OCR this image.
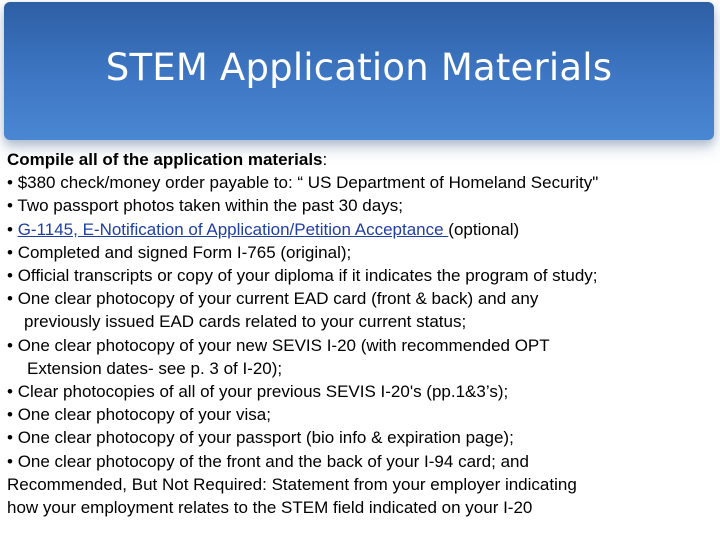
STEM Application Materials
Compile all of the application materials:
• $380 check/money order payable to: “ US Department of Homeland Security"
• Two passport photos taken within the past 30 days;
• G-1145, E-Notification of Application/Petition Acceptance (optional)
• Completed and signed Form I-765 (original);
• Official transcripts or copy of your diploma if it indicates the program of study;
• One clear photocopy of your current EAD card (front & back) and any
previously issued EAD cards related to your current status;
• One clear photocopy of your new SEVIS I-20 (with recommended OPT
Extension dates- see p. 3 of I-20);
• Clear photocopies of all of your previous SEVIS I-20's (pp.1&3’s);
• One clear photocopy of your visa;
• One clear photocopy of your passport (bio info & expiration page);
• One clear photocopy of the front and the back of your I-94 card; and
Recommended, But Not Required: Statement from your employer indicating
how your employment relates to the STEM field indicated on your I-20
